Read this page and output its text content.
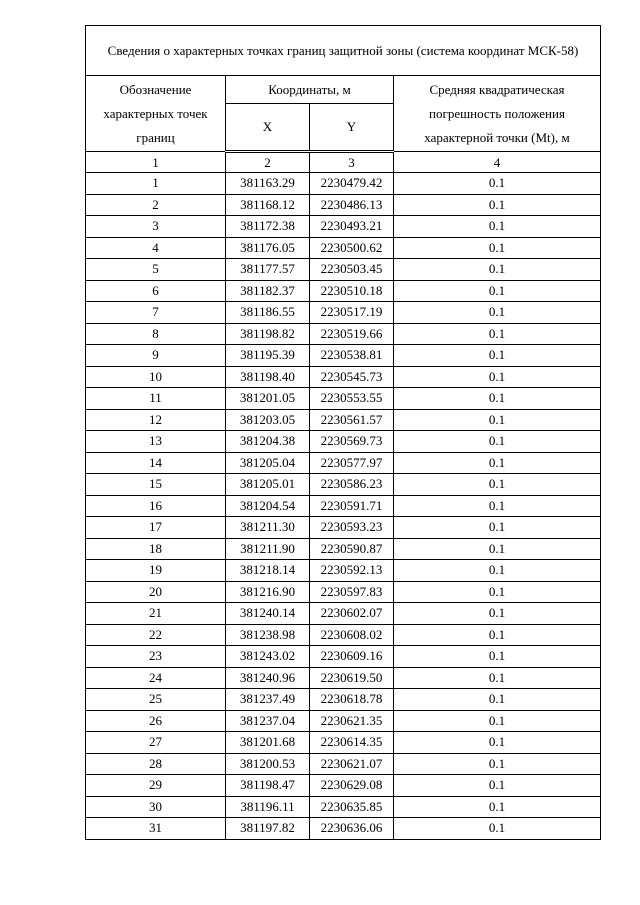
Сведения о характерных точках границ защитной зоны (система координат МСК-58)			
Обозначение характерных точек границ	Координаты, м		Средняя квадратическая погрешность положения характерной точки (Mt), м
	X	Y	
1	2	3	4
1	381163.29	2230479.42	0.1
2	381168.12	2230486.13	0.1
3	381172.38	2230493.21	0.1
4	381176.05	2230500.62	0.1
5	381177.57	2230503.45	0.1
6	381182.37	2230510.18	0.1
7	381186.55	2230517.19	0.1
8	381198.82	2230519.66	0.1
9	381195.39	2230538.81	0.1
10	381198.40	2230545.73	0.1
11	381201.05	2230553.55	0.1
12	381203.05	2230561.57	0.1
13	381204.38	2230569.73	0.1
14	381205.04	2230577.97	0.1
15	381205.01	2230586.23	0.1
16	381204.54	2230591.71	0.1
17	381211.30	2230593.23	0.1
18	381211.90	2230590.87	0.1
19	381218.14	2230592.13	0.1
20	381216.90	2230597.83	0.1
21	381240.14	2230602.07	0.1
22	381238.98	2230608.02	0.1
23	381243.02	2230609.16	0.1
24	381240.96	2230619.50	0.1
25	381237.49	2230618.78	0.1
26	381237.04	2230621.35	0.1
27	381201.68	2230614.35	0.1
28	381200.53	2230621.07	0.1
29	381198.47	2230629.08	0.1
30	381196.11	2230635.85	0.1
31	381197.82	2230636.06	0.1
